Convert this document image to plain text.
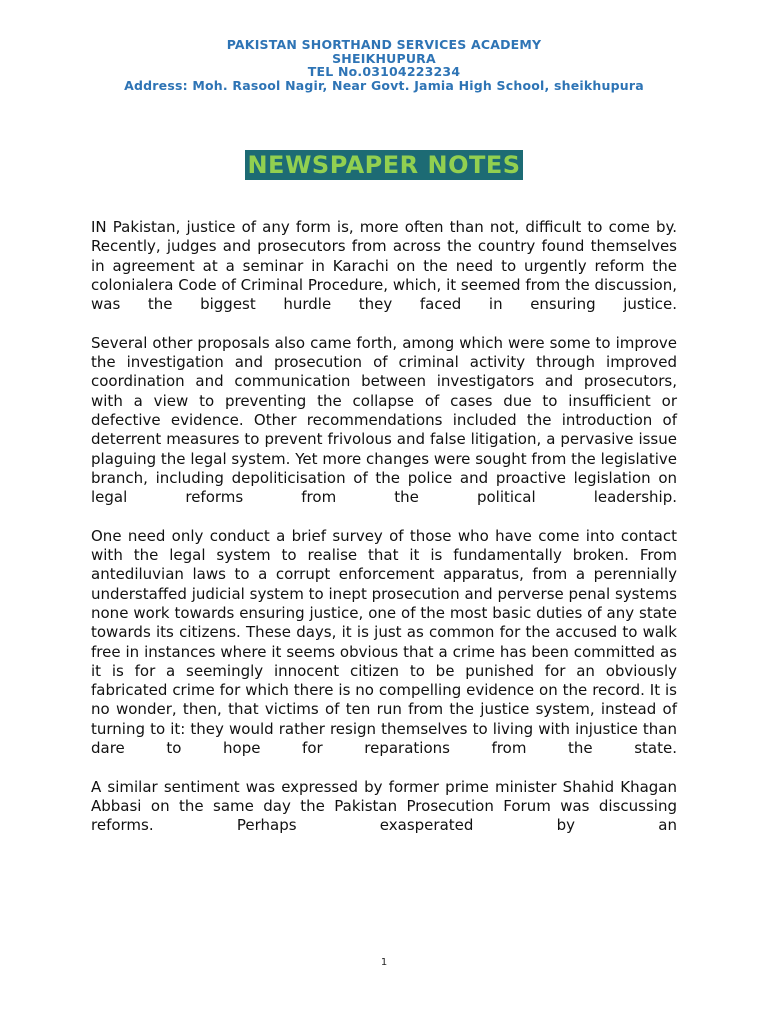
PAKISTAN SHORTHAND SERVICES ACADEMY
SHEIKHUPURA
TEL No.03104223234
Address: Moh. Rasool Nagir, Near Govt. Jamia High School, sheikhupura
NEWSPAPER NOTES

IN Pakistan, justice of any form is, more often than not, difficult to come by. Recently, judges and prosecutors from across the country found themselves in agreement at a seminar in Karachi on the need to urgently reform the colonialera Code of Criminal Procedure, which, it seemed from the discussion, was the biggest hurdle they faced in ensuring justice.

Several other proposals also came forth, among which were some to improve the investigation and prosecution of criminal activity through improved coordination and communication between investigators and prosecutors, with a view to preventing the collapse of cases due to insufficient or defective evidence. Other recommendations included the introduction of deterrent measures to prevent frivolous and false litigation, a pervasive issue plaguing the legal system. Yet more changes were sought from the legislative branch, including depoliticisation of the police and proactive legislation on legal reforms from the political leadership.

One need only conduct a brief survey of those who have come into contact with the legal system to realise that it is fundamentally broken. From antediluvian laws to a corrupt enforcement apparatus, from a perennially understaffed judicial system to inept prosecution and perverse penal systems none work towards ensuring justice, one of the most basic duties of any state towards its citizens. These days, it is just as common for the accused to walk free in instances where it seems obvious that a crime has been committed as it is for a seemingly innocent citizen to be punished for an obviously fabricated crime for which there is no compelling evidence on the record. It is no wonder, then, that victims of ten run from the justice system, instead of turning to it: they would rather resign themselves to living with injustice than dare to hope for reparations from the state.

A similar sentiment was expressed by former prime minister Shahid Khagan Abbasi on the same day the Pakistan Prosecution Forum was discussing reforms. Perhaps exasperated by an

1
